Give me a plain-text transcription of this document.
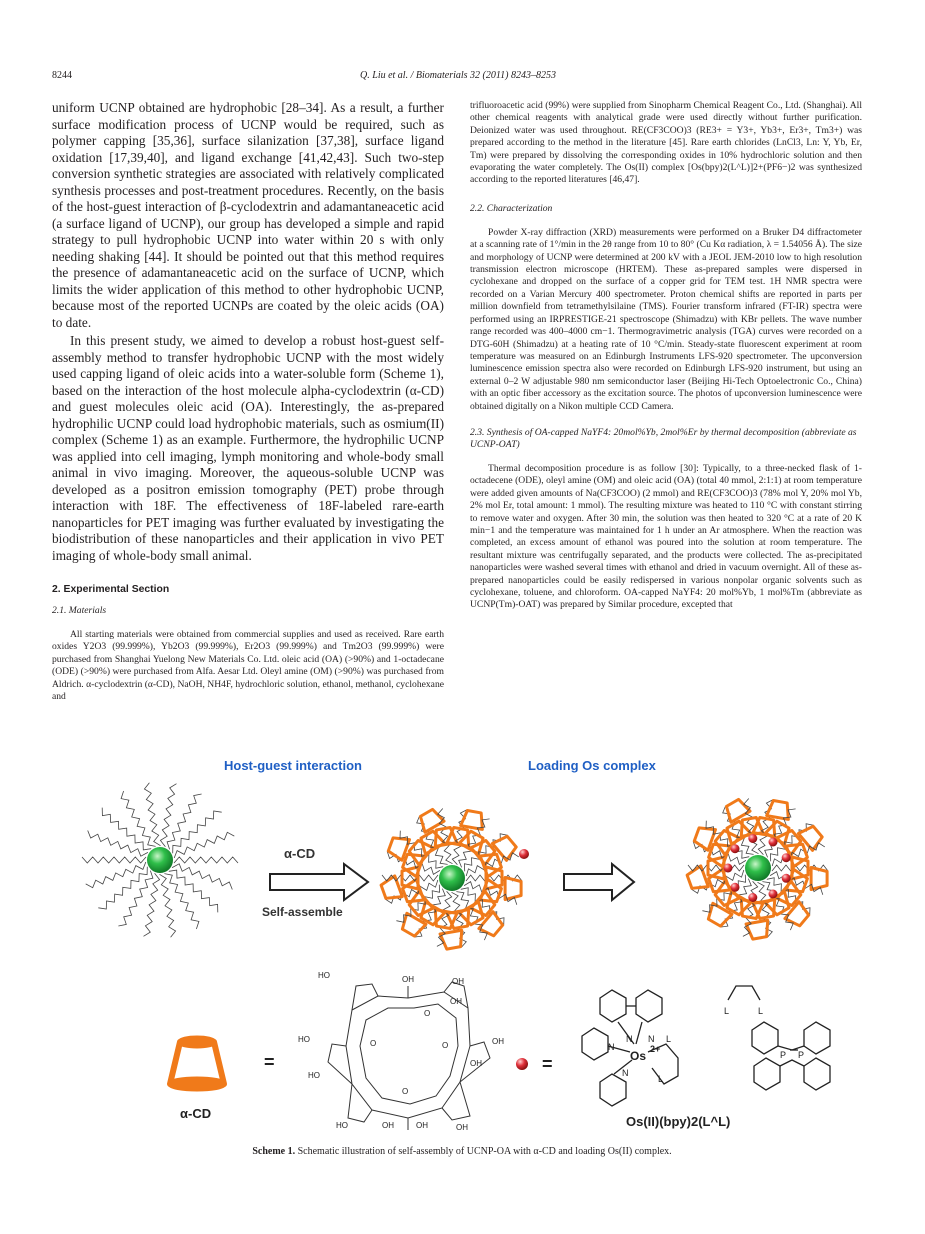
8244	Q. Liu et al. / Biomaterials 32 (2011) 8243–8253

uniform UCNP obtained are hydrophobic [28–34]. As a result, a further surface modification process of UCNP would be required, such as polymer capping [35,36], surface silanization [37,38], surface ligand oxidation [17,39,40], and ligand exchange [41,42,43]. Such two-step conversion synthetic strategies are associated with relatively complicated synthesis processes and post-treatment procedures. Recently, on the basis of the host-guest interaction of β-cyclodextrin and adamantaneacetic acid (a surface ligand of UCNP), our group has developed a simple and rapid strategy to pull hydrophobic UCNP into water within 20 s with only needing shaking [44]. It should be pointed out that this method requires the presence of adamantaneacetic acid on the surface of UCNP, which limits the wider application of this method to other hydrophobic UCNP, because most of the reported UCNPs are coated by the oleic acids (OA) to date.

In this present study, we aimed to develop a robust host-guest self-assembly method to transfer hydrophobic UCNP with the most widely used capping ligand of oleic acids into a water-soluble form (Scheme 1), based on the interaction of the host molecule alpha-cyclodextrin (α-CD) and guest molecules oleic acid (OA). Interestingly, the as-prepared hydrophilic UCNP could load hydrophobic materials, such as osmium(II) complex (Scheme 1) as an example. Furthermore, the hydrophilic UCNP was applied into cell imaging, lymph monitoring and whole-body small animal in vivo imaging. Moreover, the aqueous-soluble UCNP was developed as a positron emission tomography (PET) probe through interaction with 18F. The effectiveness of 18F-labeled rare-earth nanoparticles for PET imaging was further evaluated by investigating the biodistribution of these nanoparticles and their application in vivo PET imaging of whole-body small animal.

2. Experimental Section
2.1. Materials

All starting materials were obtained from commercial supplies and used as received. Rare earth oxides Y2O3 (99.999%), Yb2O3 (99.999%), Er2O3 (99.999%) and Tm2O3 (99.999%) were purchased from Shanghai Yuelong New Materials Co. Ltd. oleic acid (OA) (>90%) and 1-octadecane (ODE) (>90%) were purchased from Alfa. Aesar Ltd. Oleyl amine (OM) (>90%) was purchased from Aldrich. α-cyclodextrin (α-CD), NaOH, NH4F, hydrochloric solution, ethanol, methanol, cyclohexane and

trifluoroacetic acid (99%) were supplied from Sinopharm Chemical Reagent Co., Ltd. (Shanghai). All other chemical reagents with analytical grade were used directly without further purification. Deionized water was used throughout. RE(CF3COO)3 (RE3+ = Y3+, Yb3+, Er3+, Tm3+) was prepared according to the method in the literature [45]. Rare earth chlorides (LnCl3, Ln: Y, Yb, Er, Tm) were prepared by dissolving the corresponding oxides in 10% hydrochloric solution and then evaporating the water completely. The Os(II) complex [Os(bpy)2(L^L)]2+(PF6−)2 was synthesized according to the reported literatures [46,47].

2.2. Characterization

Powder X-ray diffraction (XRD) measurements were performed on a Bruker D4 diffractometer at a scanning rate of 1°/min in the 2θ range from 10 to 80° (Cu Kα radiation, λ = 1.54056 Å). The size and morphology of UCNP were determined at 200 kV with a JEOL JEM-2010 low to high resolution transmission electron microscope (HRTEM). These as-prepared samples were dispersed in cyclohexane and dropped on the surface of a copper grid for TEM test. 1H NMR spectra were recorded on a Varian Mercury 400 spectrometer. Proton chemical shifts are reported in parts per million downfield from tetramethylsilaine (TMS). Fourier transform infrared (FT-IR) spectra were performed using an IRPRESTIGE-21 spectroscope (Shimadzu) with KBr pellets. The wave number range recorded was 400–4000 cm−1. Thermogravimetric analysis (TGA) curves were recorded on a DTG-60H (Shimadzu) at a heating rate of 10 °C/min. Steady-state fluorescent experiment at room temperature was measured on an Edinburgh Instruments LFS-920 spectrometer. The upconversion luminescence emission spectra also were recorded on Edinburgh LFS-920 instrument, but using an external 0–2 W adjustable 980 nm semiconductor laser (Beijing Hi-Tech Optoelectronic Co., China) with an optic fiber accessory as the excitation source. The photos of upconversion luminescence were obtained digitally on a Nikon multiple CCD Camera.

2.3. Synthesis of OA-capped NaYF4: 20mol%Yb, 2mol%Er by thermal decomposition (abbreviate as UCNP-OAT)

Thermal decomposition procedure is as follow [30]: Typically, to a three-necked flask of 1-octadecene (ODE), oleyl amine (OM) and oleic acid (OA) (total 40 mmol, 2:1:1) at room temperature were added given amounts of Na(CF3COO) (2 mmol) and RE(CF3COO)3 (78% mol Y, 20% mol Yb, 2% mol Er, total amount: 1 mmol). The resulting mixture was heated to 110 °C with constant stirring to remove water and oxygen. After 30 min, the solution was then heated to 320 °C at a rate of 20 K min−1 and the temperature was maintained for 1 h under an Ar atmosphere. When the reaction was completed, an excess amount of ethanol was poured into the solution at room temperature. The resultant mixture was centrifugally separated, and the products were collected. The as-precipitated nanoparticles were washed several times with ethanol and dried in vacuum overnight. All of these as-prepared nanoparticles could be easily redispersed in various nonpolar organic solvents such as cyclohexane, toluene, and chloroform. OA-capped NaYF4: 20 mol%Yb, 1 mol%Tm (abbreviate as UCNP(Tm)-OAT) was prepared by Similar procedure, excepted that

Host-guest interaction	Loading Os complex
α-CD
Self-assemble
α-CD
=
OH
HO
OH
OH
OH
HO
OH
HO
OH
OH
HO	OH
O
O	O
O
=
N N
N
N
L
L
L	L
P P
Os 2+
Os(II)(bpy)2(L^L)
Scheme 1. Schematic illustration of self-assembly of UCNP-OA with α-CD and loading Os(II) complex.
